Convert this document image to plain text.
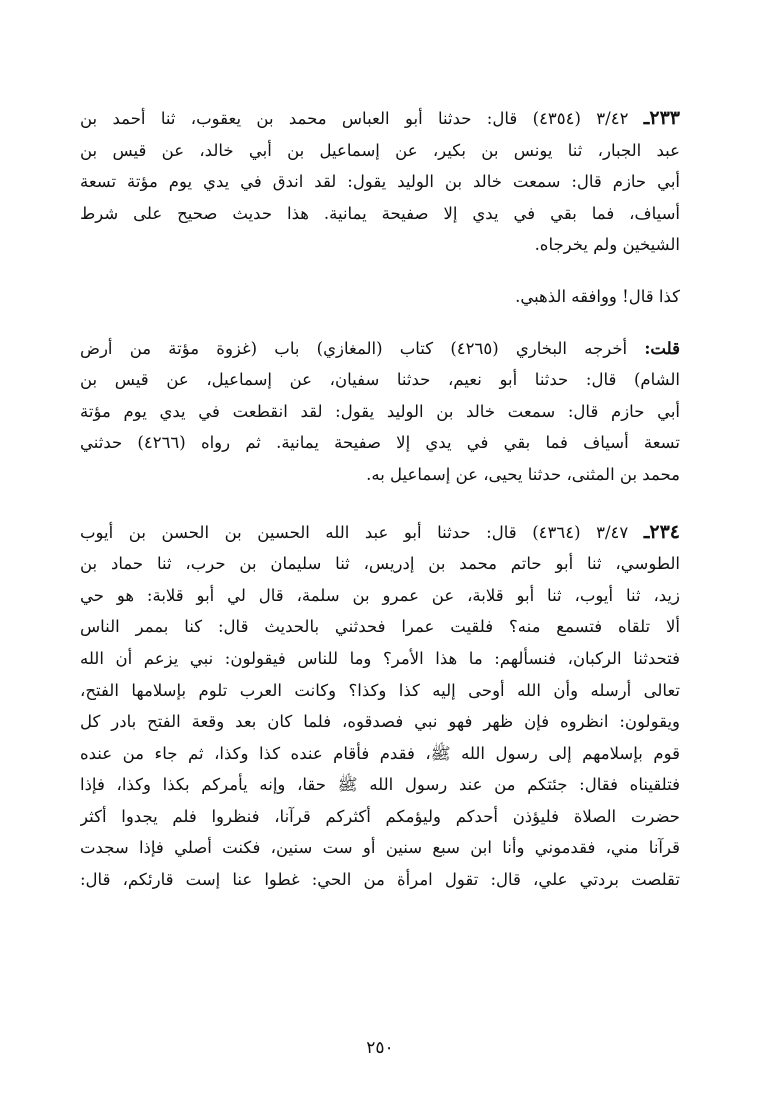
٢٣٣ـ ٣/٤٢ (٤٣٥٤) قال: حدثنا أبو العباس محمد بن يعقوب، ثنا أحمد بن
عبد الجبار، ثنا يونس بن بكير، عن إسماعيل بن أبي خالد، عن قيس بن
أبي حازم قال: سمعت خالد بن الوليد يقول: لقد اندق في يدي يوم مؤتة تسعة
أسياف، فما بقي في يدي إلا صفيحة يمانية. هذا حديث صحيح على شرط
الشيخين ولم يخرجاه.

كذا قال! ووافقه الذهبي.

قلت: أخرجه البخاري (٤٢٦٥) كتاب (المغازي) باب (غزوة مؤتة من أرض
الشام) قال: حدثنا أبو نعيم، حدثنا سفيان، عن إسماعيل، عن قيس بن
أبي حازم قال: سمعت خالد بن الوليد يقول: لقد انقطعت في يدي يوم مؤتة
تسعة أسياف فما بقي في يدي إلا صفيحة يمانية. ثم رواه (٤٢٦٦) حدثني
محمد بن المثنى، حدثنا يحيى، عن إسماعيل به.

٢٣٤ـ ٣/٤٧ (٤٣٦٤) قال: حدثنا أبو عبد الله الحسين بن الحسن بن أيوب
الطوسي، ثنا أبو حاتم محمد بن إدريس، ثنا سليمان بن حرب، ثنا حماد بن
زيد، ثنا أيوب، ثنا أبو قلابة، عن عمرو بن سلمة، قال لي أبو قلابة: هو حي
ألا تلقاه فتسمع منه؟ فلقيت عمرا فحدثني بالحديث قال: كنا بممر الناس
فتحدثنا الركبان، فنسألهم: ما هذا الأمر؟ وما للناس فيقولون: نبي يزعم أن الله
تعالى أرسله وأن الله أوحى إليه كذا وكذا؟ وكانت العرب تلوم بإسلامها الفتح،
ويقولون: انظروه فإن ظهر فهو نبي فصدقوه، فلما كان بعد وقعة الفتح بادر كل
قوم بإسلامهم إلى رسول الله ﷺ، فقدم فأقام عنده كذا وكذا، ثم جاء من عنده
فتلقيناه فقال: جئتكم من عند رسول الله ﷺ حقا، وإنه يأمركم بكذا وكذا، فإذا
حضرت الصلاة فليؤذن أحدكم وليؤمكم أكثركم قرآنا، فنظروا فلم يجدوا أكثر
قرآنا مني، فقدموني وأنا ابن سبع سنين أو ست سنين، فكنت أصلي فإذا سجدت
تقلصت بردتي علي، قال: تقول امرأة من الحي: غطوا عنا إست قارئكم، قال:

٢٥٠
